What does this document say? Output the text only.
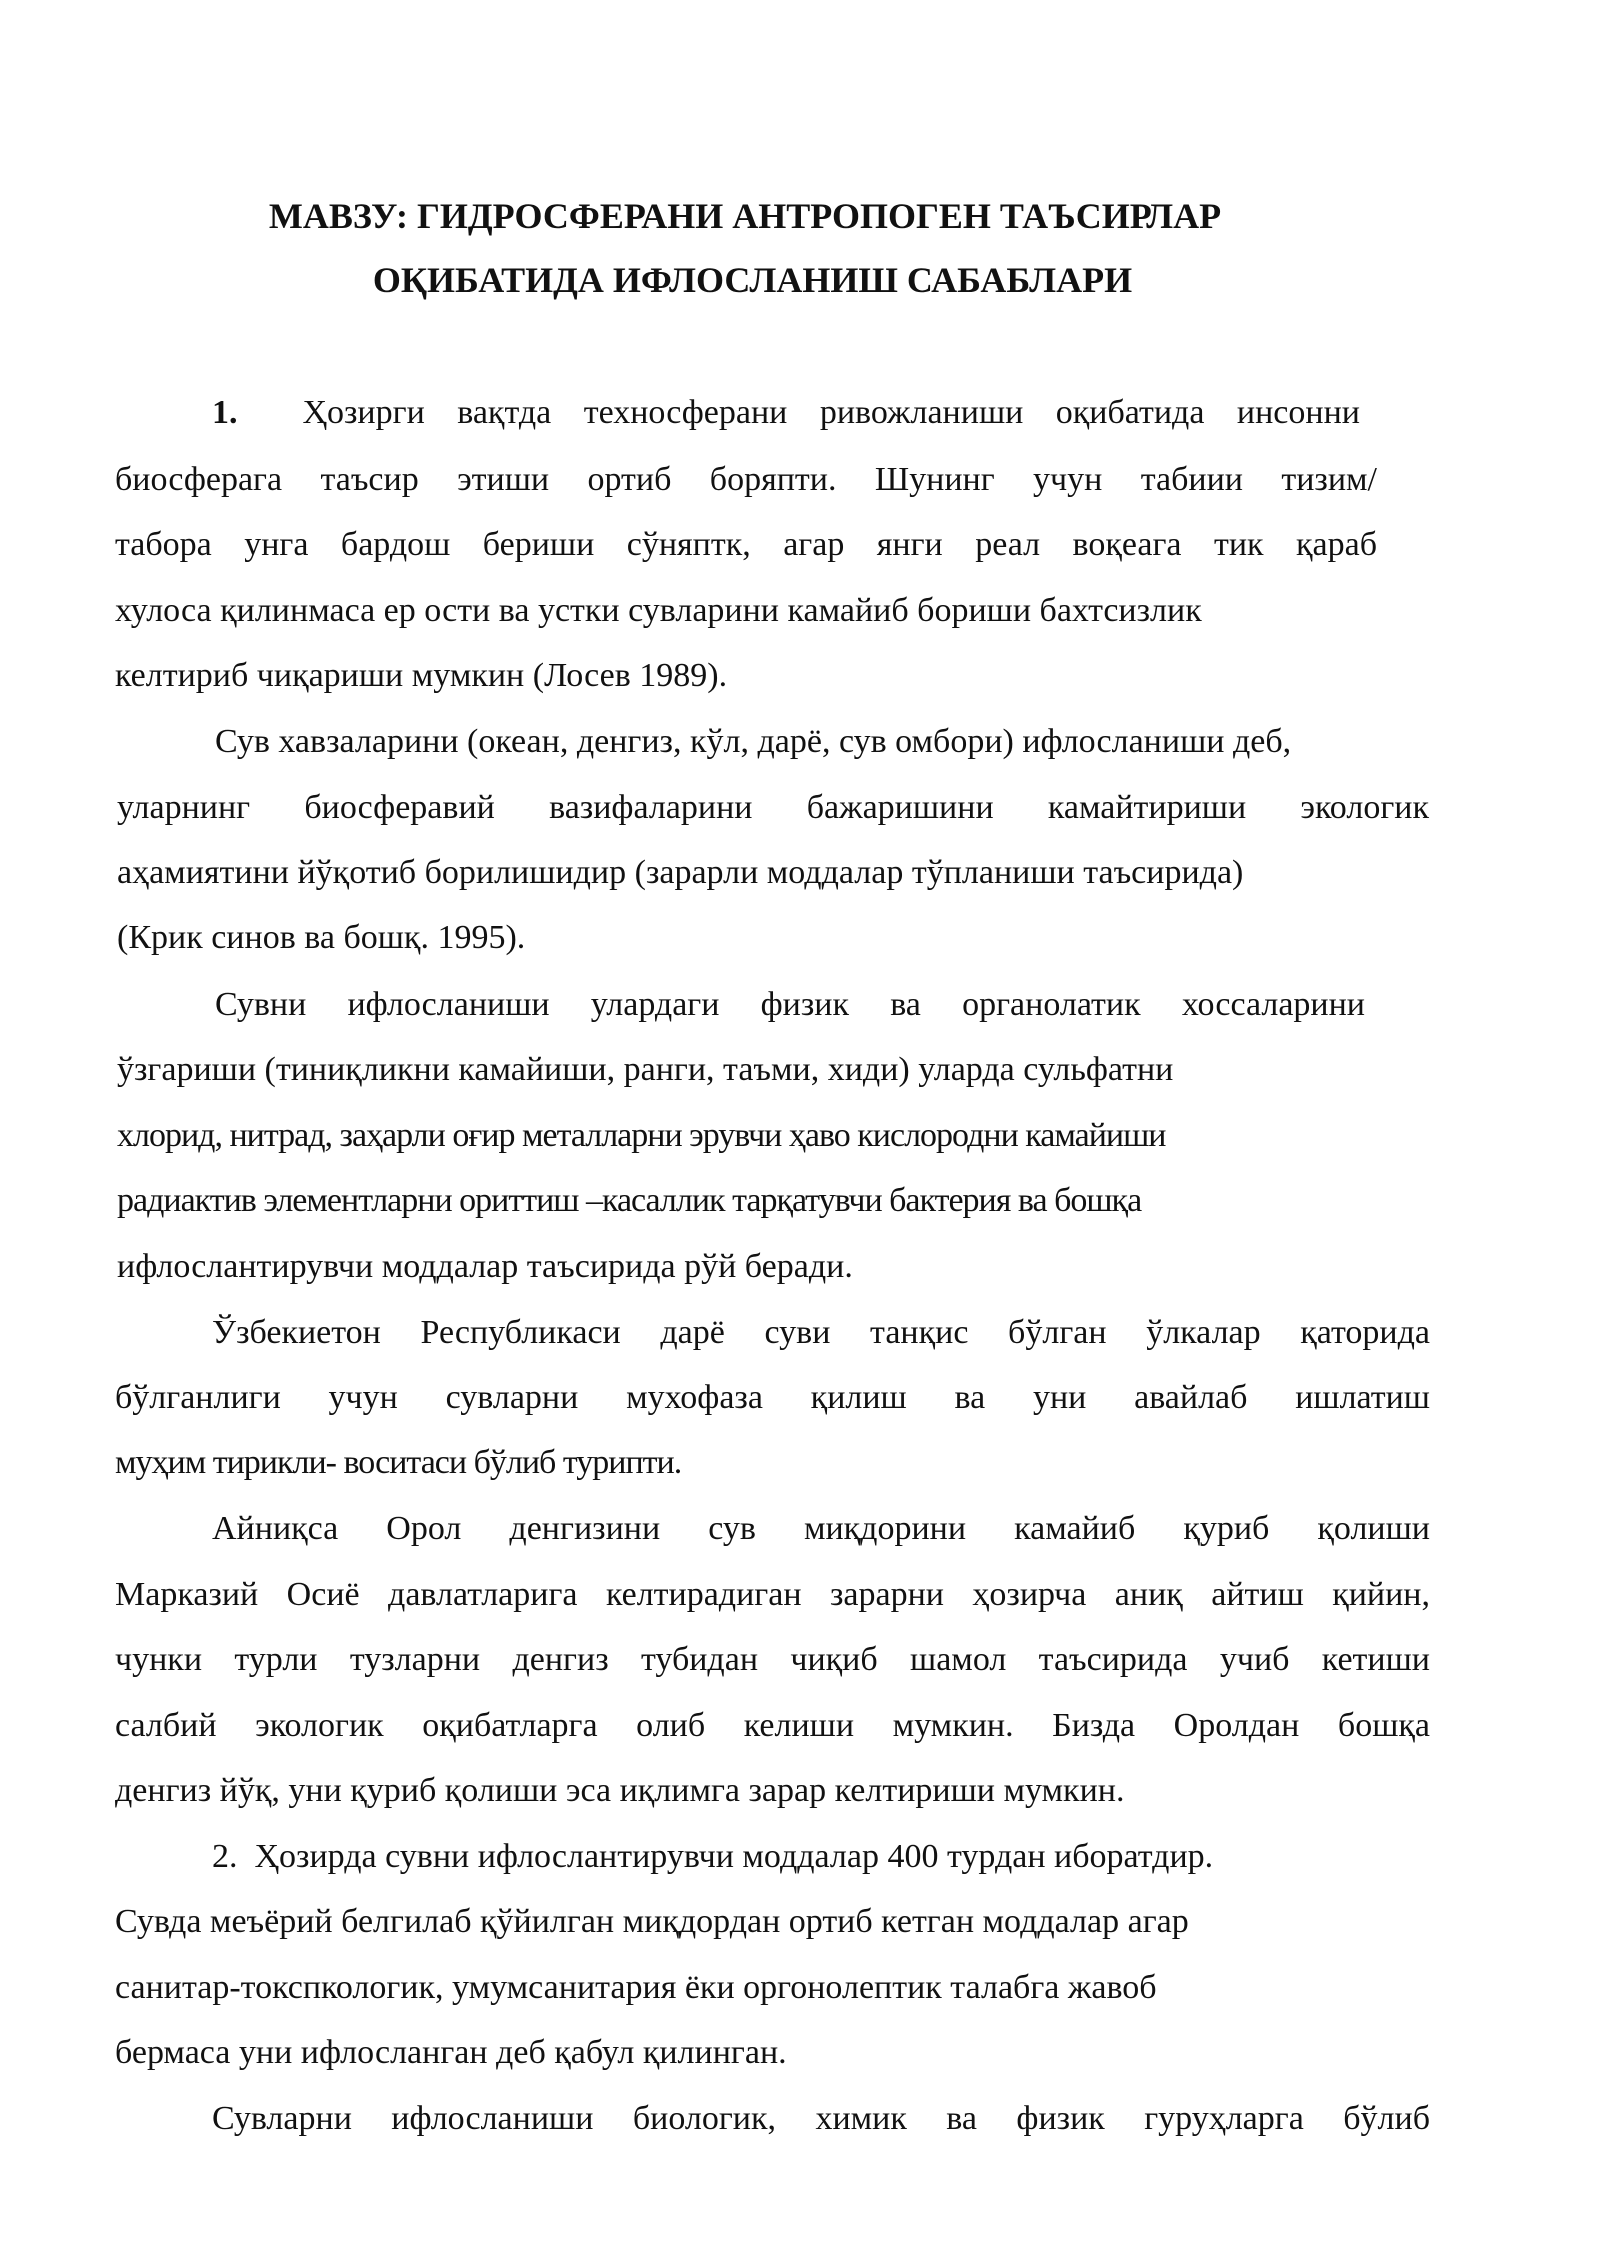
МАВЗУ: ГИДРОСФЕРАНИ АНТРОПОГЕН ТАЪСИРЛАР
ОҚИБАТИДА ИФЛОСЛАНИШ САБАБЛАРИ
1. Ҳозирги вақтда техносферани ривожланиши оқибатида инсонни
биосферага таъсир этиши ортиб боряпти. Шунинг учун табиии тизим/
табора унга бардош бериши сўняптк, агар янги реал воқеага тик қараб
хулоса қилинмаса ер ости ва устки сувларини камайиб бориши бахтсизлик
келтириб чиқариши мумкин (Лосев 1989).
Сув хавзаларини (океан, денгиз, кўл, дарё, сув омбори) ифлосланиши деб,
уларнинг биосферавий вазифаларини бажаришини камайтириши экологик
аҳамиятини йўқотиб борилишидир (зарарли моддалар тўпланиши таъсирида)
(Крик синов ва бошқ. 1995).
Сувни ифлосланиши улардаги физик ва органолатик хоссаларини
ўзгариши (тиниқликни камайиши, ранги, таъми, хиди) уларда сульфатни
хлорид, нитрад, заҳарли оғир металларни эрувчи ҳаво кислородни камайиши
радиактив элементларни ориттиш –касаллик тарқатувчи бактерия ва бошқа
ифлослантирувчи моддалар таъсирида рўй беради.
Ўзбекиетон Республикаси дарё суви танқис бўлган ўлкалар қаторида
бўлганлиги учун сувларни мухофаза қилиш ва уни авайлаб ишлатиш
муҳим тирикли- воситаси бўлиб турипти.
Айниқса Орол денгизини сув миқдорини камайиб қуриб қолиши
Марказий Осиё давлатларига келтирадиган зарарни ҳозирча аниқ айтиш қийин,
чунки турли тузларни денгиз тубидан чиқиб шамол таъсирида учиб кетиши
салбий экологик оқибатларга олиб келиши мумкин. Бизда Оролдан бошқа
денгиз йўқ, уни қуриб қолиши эса иқлимга зарар келтириши мумкин.
2. Ҳозирда сувни ифлослантирувчи моддалар 400 турдан иборатдир.
Сувда меъёрий белгилаб қўйилган миқдордан ортиб кетган моддалар агар
санитар-токспкологик, умумсанитария ёки оргонолептик талабга жавоб
бермаса уни ифлосланган деб қабул қилинган.
Сувларни ифлосланиши биологик, химик ва физик гуруҳларга бўлиб
